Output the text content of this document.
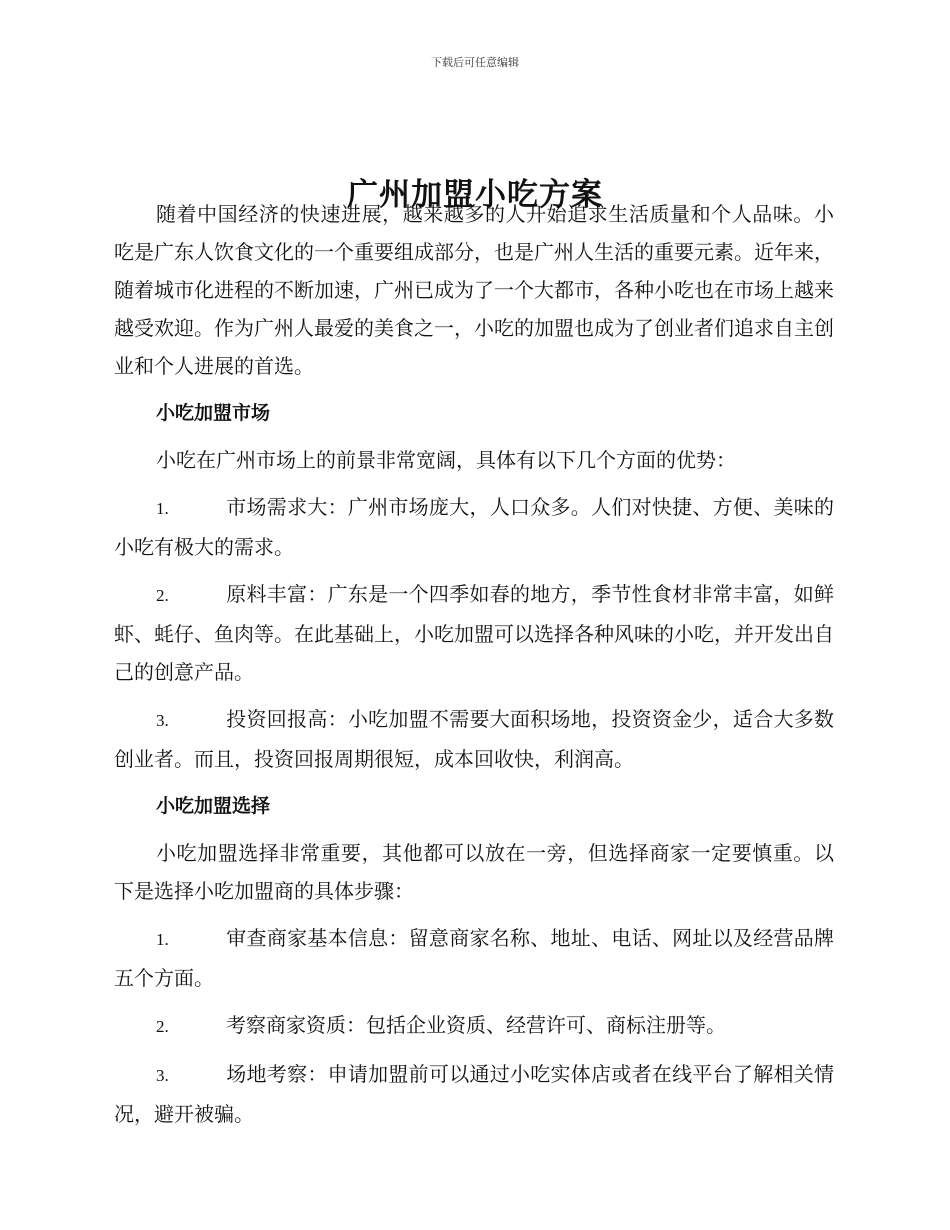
下载后可任意编辑
广州加盟小吃方案

随着中国经济的快速进展，越来越多的人开始追求生活质量和个人品味。小吃是广东人饮食文化的一个重要组成部分，也是广州人生活的重要元素。近年来，随着城市化进程的不断加速，广州已成为了一个大都市，各种小吃也在市场上越来越受欢迎。作为广州人最爱的美食之一，小吃的加盟也成为了创业者们追求自主创业和个人进展的首选。

小吃加盟市场

小吃在广州市场上的前景非常宽阔，具体有以下几个方面的优势：

1.	市场需求大：广州市场庞大，人口众多。人们对快捷、方便、美味的小吃有极大的需求。

2.	原料丰富：广东是一个四季如春的地方，季节性食材非常丰富，如鲜虾、蚝仔、鱼肉等。在此基础上，小吃加盟可以选择各种风味的小吃，并开发出自己的创意产品。

3.	投资回报高：小吃加盟不需要大面积场地，投资资金少，适合大多数创业者。而且，投资回报周期很短，成本回收快，利润高。

小吃加盟选择

小吃加盟选择非常重要，其他都可以放在一旁，但选择商家一定要慎重。以下是选择小吃加盟商的具体步骤：

1.	审查商家基本信息：留意商家名称、地址、电话、网址以及经营品牌五个方面。

2.	考察商家资质：包括企业资质、经营许可、商标注册等。

3.	场地考察：申请加盟前可以通过小吃实体店或者在线平台了解相关情况，避开被骗。
